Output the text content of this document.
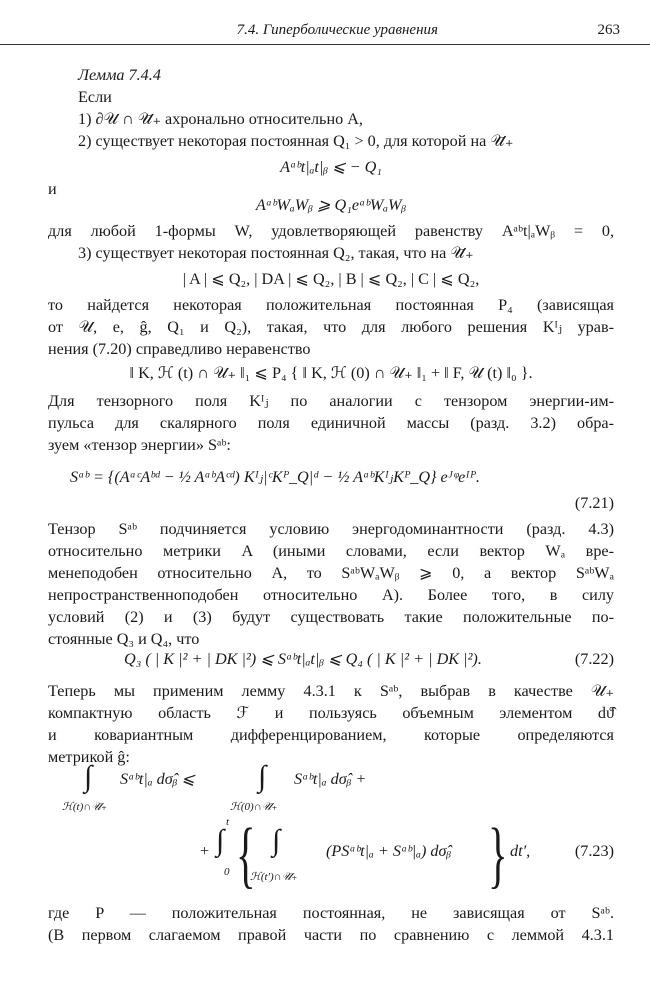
7.4. Гиперболические уравнения	263
Лемма 7.4.4
Если
1) ∂𝒰 ∩ 𝒰̄₊ ахронально относительно A,
2) существует некоторая постоянная Q₁ > 0, для которой на 𝒰̄₊
Aᵃᵇt|ₐt|ᵦ ⩽ − Q₁
и
AᵃᵇWₐWᵦ ⩾ Q₁eᵃᵇWₐWᵦ
для любой 1-формы W, удовлетворяющей равенству Aᵃᵇt|ₐWᵦ = 0,
3) существует некоторая постоянная Q₂, такая, что на 𝒰̄₊
| A | ⩽ Q₂, | DA | ⩽ Q₂, | B | ⩽ Q₂, | C | ⩽ Q₂,
то найдется некоторая положительная постоянная P₄ (зависящая
от 𝒰, e, ĝ, Q₁ и Q₂), такая, что для любого решения Kᴵⱼ урав-
нения (7.20) справедливо неравенство
‖ K, ℋ (t) ∩ 𝒰₊ ‖₁ ⩽ P₄ { ‖ K, ℋ (0) ∩ 𝒰₊ ‖₁ + ‖ F, 𝒰 (t) ‖₀ }.
Для тензорного поля Kᴵⱼ по аналогии с тензором энергии-им-
пульса для скалярного поля единичной массы (разд. 3.2) обра-
зуем «тензор энергии» Sᵃᵇ:
Sᵃᵇ = {(AᵃᶜAᵇᵈ − ½ AᵃᵇAᶜᵈ) Kᴵⱼ|ᶜKᴾ_Q|ᵈ − ½ AᵃᵇKᴵⱼKᴾ_Q} eᴶᵠeᴵᴾ.
(7.21)
Тензор Sᵃᵇ подчиняется условию энергодоминантности (разд. 4.3)
относительно метрики A (иными словами, если вектор Wₐ вре-
менеподобен относительно A, то SᵃᵇWₐWᵦ ⩾ 0, а вектор SᵃᵇWₐ
непространственноподобен относительно A). Более того, в силу
условий (2) и (3) будут существовать такие положительные по-
стоянные Q₃ и Q₄, что
Q₃ ( | K |² + | DK |²) ⩽ Sᵃᵇt|ₐt|ᵦ ⩽ Q₄ ( | K |² + | DK |²).	(7.22)
Теперь мы применим лемму 4.3.1 к Sᵃᵇ, выбрав в качестве 𝒰₊
компактную область ℱ и пользуясь объемным элементом dϑ̂
и ковариантным дифференцированием, которые определяются
метрикой ĝ:
∫ Sᵃᵇt|ₐ dσ̂ᵦ ⩽
ℋ(t)∩𝒰̄₊
∫ Sᵃᵇt|ₐ dσ̂ᵦ +
ℋ(0)∩𝒰̄₊
+
t
∫
0 { ∫
ℋ(t′)∩𝒰̄₊
(PSᵃᵇt|ₐ + Sᵃᵇ|ₐ) dσ̂ᵦ } dt′,	(7.23)
где P — положительная постоянная, не зависящая от Sᵃᵇ.
(В первом слагаемом правой части по сравнению с леммой 4.3.1
